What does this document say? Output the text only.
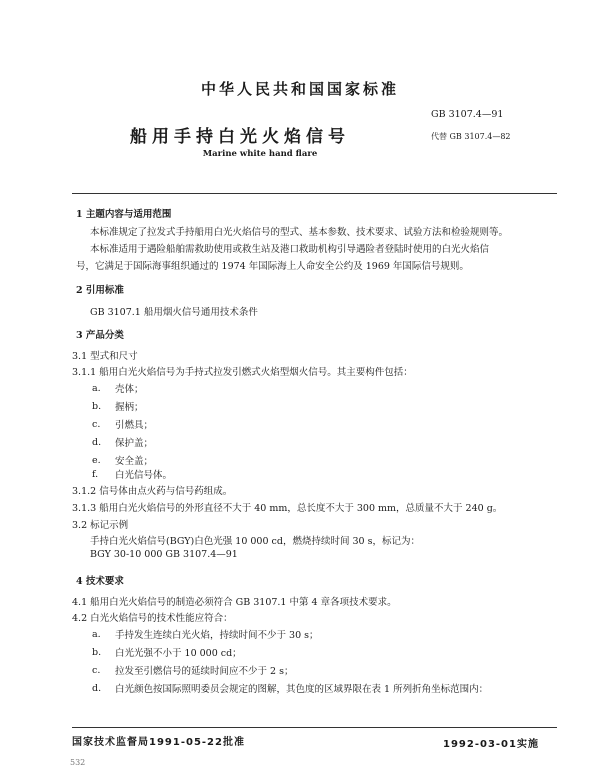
中华人民共和国国家标准
GB 3107.4—91
船用手持白光火焰信号	代替 GB 3107.4—82
Marine white hand flare
1 主题内容与适用范围
本标准规定了拉发式手持船用白光火焰信号的型式、基本参数、技术要求、试验方法和检验规则等。
本标准适用于遇险船舶需救助使用或救生站及港口救助机构引导遇险者登陆时使用的白光火焰信
号，它满足于国际海事组织通过的 1974 年国际海上人命安全公约及 1969 年国际信号规则。
2 引用标准
GB 3107.1 船用烟火信号通用技术条件
3 产品分类
3.1 型式和尺寸
3.1.1 船用白光火焰信号为手持式拉发引燃式火焰型烟火信号。其主要构件包括：
a. 壳体；
b. 握柄；
c. 引燃具；
d. 保护盖；
e. 安全盖；
f. 白光信号体。
3.1.2 信号体由点火药与信号药组成。
3.1.3 船用白光火焰信号的外形直径不大于 40 mm，总长度不大于 300 mm，总质量不大于 240 g。
3.2 标记示例
手持白光火焰信号(BGY)白色光强 10 000 cd，燃烧持续时间 30 s，标记为：
BGY 30-10 000 GB 3107.4—91
4 技术要求
4.1 船用白光火焰信号的制造必须符合 GB 3107.1 中第 4 章各项技术要求。
4.2 白光火焰信号的技术性能应符合：
a. 手持发生连续白光火焰，持续时间不少于 30 s；
b. 白光光强不小于 10 000 cd；
c. 拉发至引燃信号的延续时间应不少于 2 s；
d. 白光颜色按国际照明委员会规定的图解，其色度的区域界限在表 1 所列折角坐标范围内：
国家技术监督局1991-05-22批准	1992-03-01实施
532
